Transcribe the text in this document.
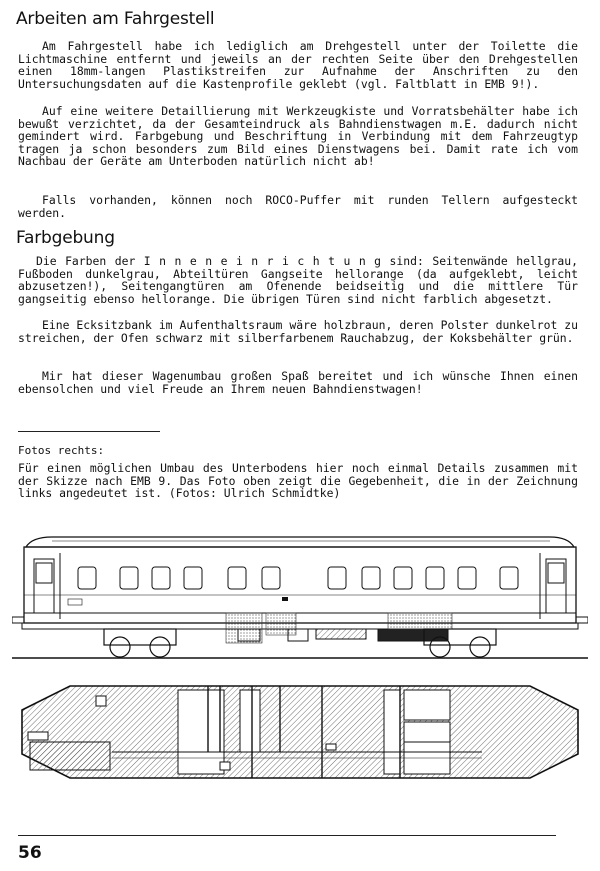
Arbeiten am Fahrgestell

Am Fahrgestell habe ich lediglich am Drehgestell unter der Toilette die Lichtmaschine entfernt und jeweils an der rechten Seite über den Drehgestellen einen 18mm-langen Plastikstreifen zur Aufnahme der Anschriften zu den Untersuchungsdaten auf die Kastenprofile geklebt (vgl. Faltblatt in EMB 9!).

Auf eine weitere Detaillierung mit Werkzeugkiste und Vorratsbehälter habe ich bewußt verzichtet, da der Gesamteindruck als Bahndienstwagen m.E. dadurch nicht gemindert wird. Farbgebung und Beschriftung in Verbindung mit dem Fahrzeugtyp tragen ja schon besonders zum Bild eines Dienstwagens bei. Damit rate ich vom Nachbau der Geräte am Unterboden natürlich nicht ab!

Falls vorhanden, können noch ROCO-Puffer mit runden Tellern aufgesteckt werden.

Farbgebung

Die Farben der I n n e n e i n r i c h t u n g sind: Seitenwände hellgrau, Fußboden dunkelgrau, Abteiltüren Gangseite hellorange (da aufgeklebt, leicht abzusetzen!), Seitengangtüren am Ofenende beidseitig und die mittlere Tür gangseitig ebenso hellorange. Die übrigen Türen sind nicht farblich abgesetzt.

Eine Ecksitzbank im Aufenthaltsraum wäre holzbraun, deren Polster dunkelrot zu streichen, der Ofen schwarz mit silberfarbenem Rauchabzug, der Koksbehälter grün.

Mir hat dieser Wagenumbau großen Spaß bereitet und ich wünsche Ihnen einen ebensolchen und viel Freude an Ihrem neuen Bahndienstwagen!

Fotos rechts:

Für einen möglichen Umbau des Unterbodens hier noch einmal Details zusammen mit der Skizze nach EMB 9. Das Foto oben zeigt die Gegebenheit, die in der Zeichnung links angedeutet ist. (Fotos: Ulrich Schmidtke)

56
